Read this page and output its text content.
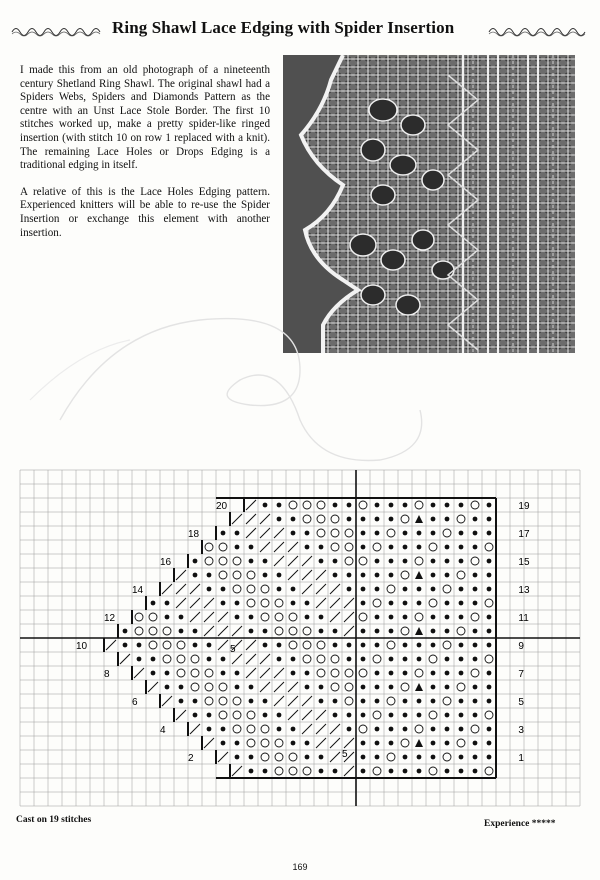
Ring Shawl Lace Edging with Spider Insertion

I made this from an old photograph of a nineteenth century Shetland Ring Shawl. The original shawl had a Spiders Webs, Spiders and Diamonds Pattern as the centre with an Unst Lace Stole Border. The first 10 stitches worked up, make a pretty spider-like ringed insertion (with stitch 10 on row 1 replaced with a knit). The remaining Lace Holes or Drops Edging is a traditional edging in itself.

A relative of this is the Lace Holes Edging pattern. Experienced knitters will be able to re-use the Spider Insertion or exchange this element with another insertion.

19
17
15
13
11
9
7
5
3
1
20
18
16
14
12
10
8
6
4
2
5
5
Cast on 19 stitches	Experience *****
169
